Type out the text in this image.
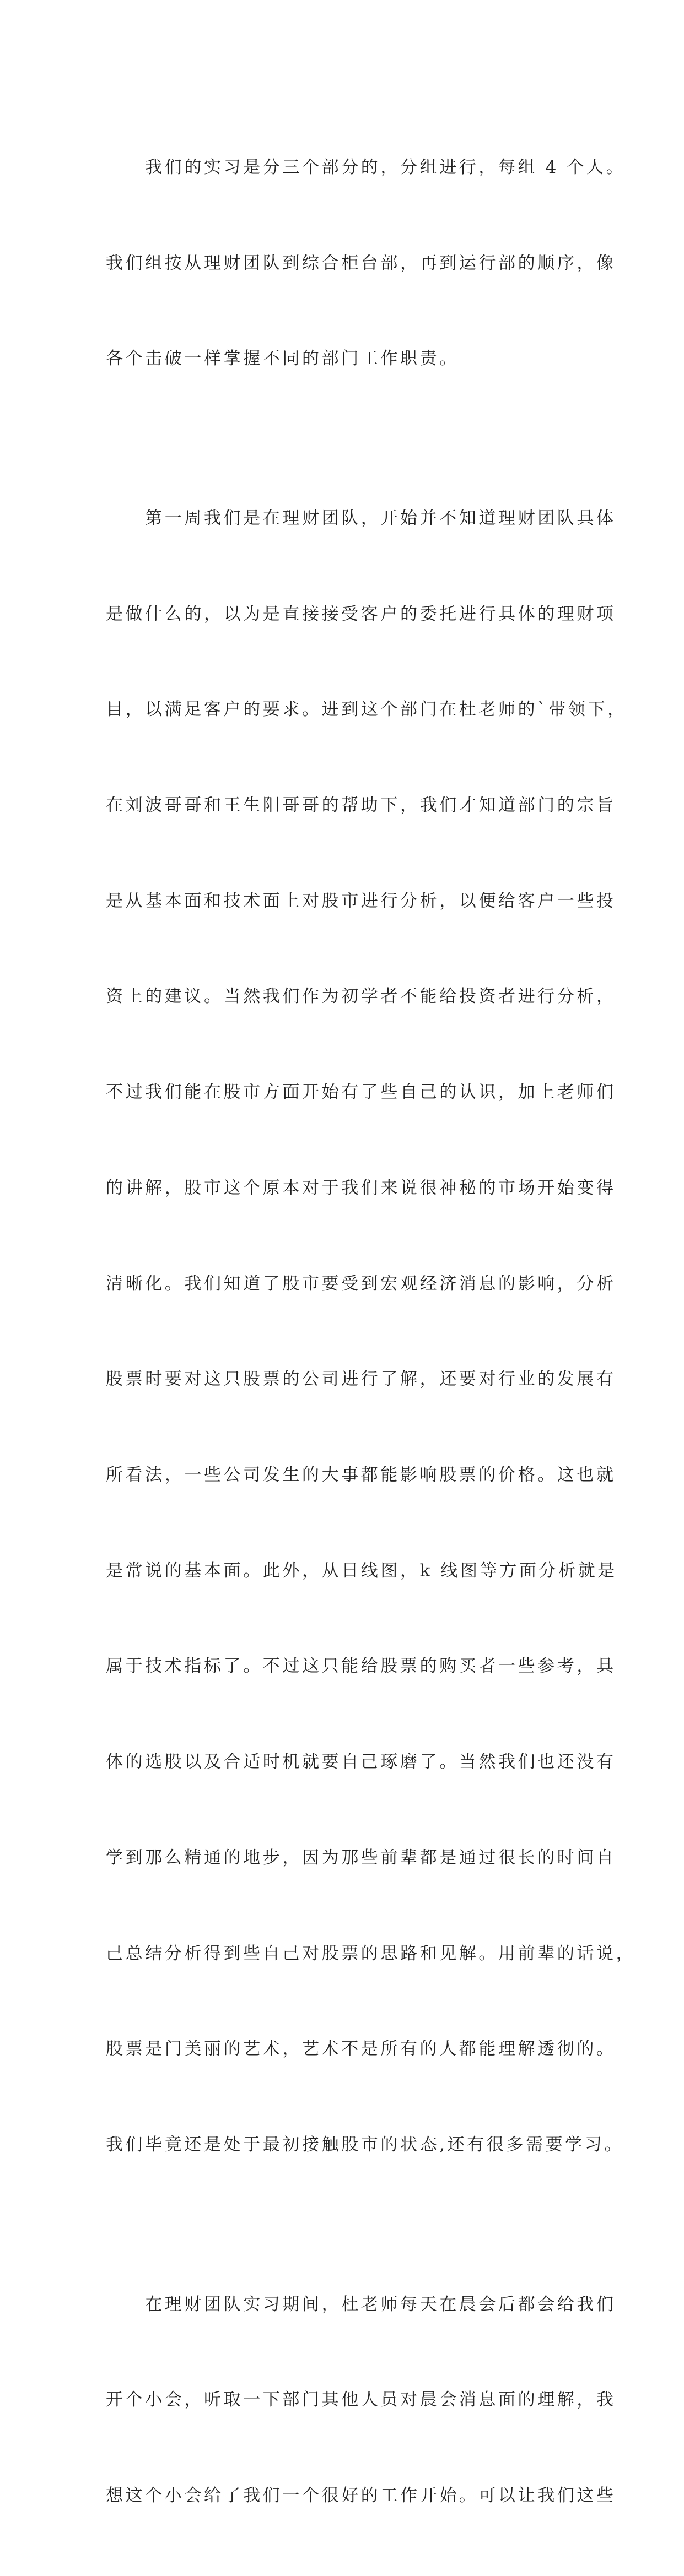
　　我们的实习是分三个部分的，分组进行，每组 4 个人。

我们组按从理财团队到综合柜台部，再到运行部的顺序，像

各个击破一样掌握不同的部门工作职责。

　　第一周我们是在理财团队，开始并不知道理财团队具体

是做什么的，以为是直接接受客户的委托进行具体的理财项

目，以满足客户的要求。进到这个部门在杜老师的`带领下，

在刘波哥哥和王生阳哥哥的帮助下，我们才知道部门的宗旨

是从基本面和技术面上对股市进行分析，以便给客户一些投

资上的建议。当然我们作为初学者不能给投资者进行分析，

不过我们能在股市方面开始有了些自己的认识，加上老师们

的讲解，股市这个原本对于我们来说很神秘的市场开始变得

清晰化。我们知道了股市要受到宏观经济消息的影响，分析

股票时要对这只股票的公司进行了解，还要对行业的发展有

所看法，一些公司发生的大事都能影响股票的价格。这也就

是常说的基本面。此外，从日线图，k 线图等方面分析就是

属于技术指标了。不过这只能给股票的购买者一些参考，具

体的选股以及合适时机就要自己琢磨了。当然我们也还没有

学到那么精通的地步，因为那些前辈都是通过很长的时间自

己总结分析得到些自己对股票的思路和见解。用前辈的话说，

股票是门美丽的艺术，艺术不是所有的人都能理解透彻的。

我们毕竟还是处于最初接触股市的状态,还有很多需要学习。

　　在理财团队实习期间，杜老师每天在晨会后都会给我们

开个小会，听取一下部门其他人员对晨会消息面的理解，我

想这个小会给了我们一个很好的工作开始。可以让我们这些
